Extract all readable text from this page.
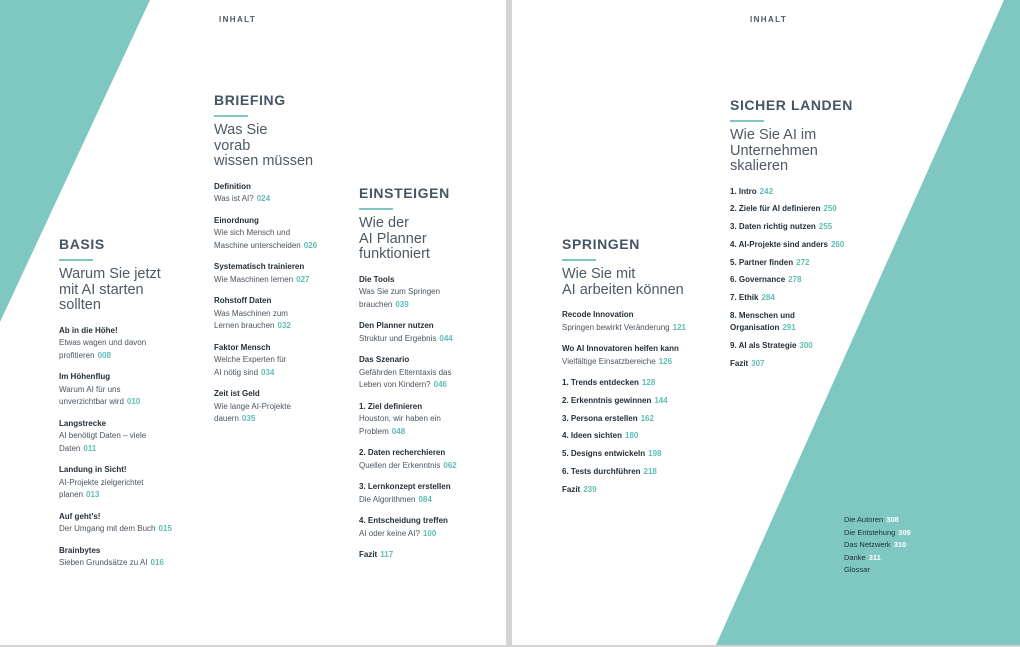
INHALT
BASIS
Warum Sie jetzt
mit AI starten
sollten
Ab in die Höhe!
Etwas wagen und davon
profitieren 008
Im Höhenflug
Warum AI für uns
unverzichtbar wird 010
Langstrecke
AI benötigt Daten – viele
Daten 011
Landung in Sicht!
AI-Projekte zielgerichtet
planen 013
Auf geht's!
Der Umgang mit dem Buch 015
Brainbytes
Sieben Grundsätze zu AI 016
BRIEFING
Was Sie
vorab
wissen müssen
Definition
Was ist AI? 024
Einordnung
Wie sich Mensch und
Maschine unterscheiden 026
Systematisch trainieren
Wie Maschinen lernen 027
Rohstoff Daten
Was Maschinen zum
Lernen brauchen 032
Faktor Mensch
Welche Experten für
AI nötig sind 034
Zeit ist Geld
Wie lange AI-Projekte
dauern 035
EINSTEIGEN
Wie der
AI Planner
funktioniert
Die Tools
Was Sie zum Springen
brauchen 039
Den Planner nutzen
Struktur und Ergebnis 044
Das Szenario
Gefährden Elterntaxis das
Leben von Kindern? 046
1. Ziel definieren
Houston, wir haben ein
Problem 048
2. Daten recherchieren
Quellen der Erkenntnis 062
3. Lernkonzept erstellen
Die Algorithmen 084
4. Entscheidung treffen
AI oder keine AI? 100
Fazit 117
INHALT
SPRINGEN
Wie Sie mit
AI arbeiten können
Recode Innovation
Springen bewirkt Veränderung 121
Wo AI Innovatoren helfen kann
Vielfältige Einsatzbereiche 126
1. Trends entdecken 128
2. Erkenntnis gewinnen 144
3. Persona erstellen 162
4. Ideen sichten 180
5. Designs entwickeln 198
6. Tests durchführen 218
Fazit 239
SICHER LANDEN
Wie Sie AI im
Unternehmen
skalieren
1. Intro 242
2. Ziele für AI definieren 250
3. Daten richtig nutzen 255
4. AI-Projekte sind anders 260
5. Partner finden 272
6. Governance 278
7. Ethik 284
8. Menschen und
Organisation 291
9. AI als Strategie 300
Fazit 307
Die Autoren 308
Die Entstehung 309
Das Netzwerk 310
Danke 311
Glossar
